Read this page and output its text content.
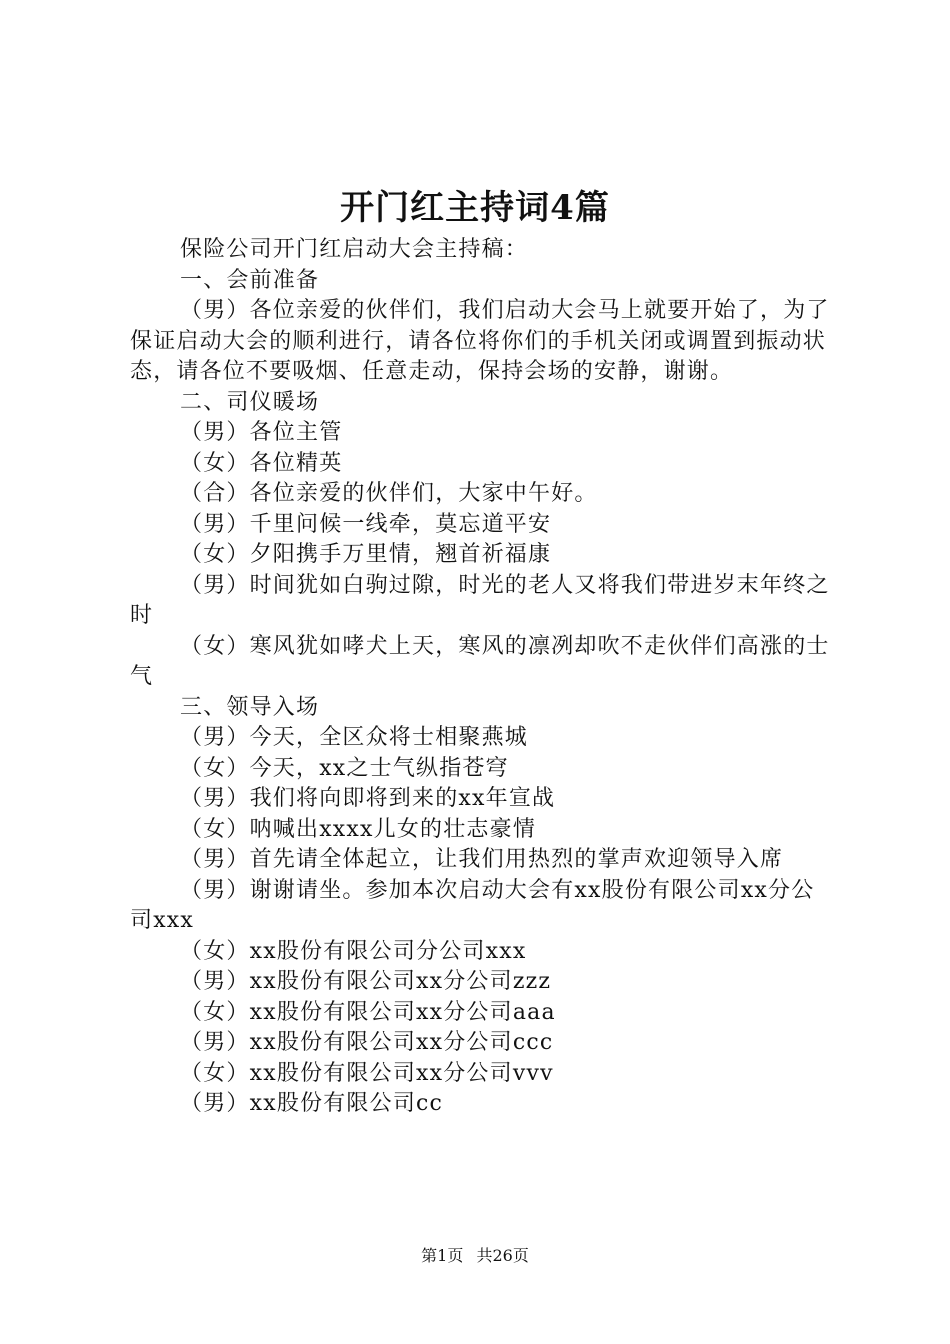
开门红主持词4篇

保险公司开门红启动大会主持稿：

一、会前准备

（男）各位亲爱的伙伴们，我们启动大会马上就要开始了，为了保证启动大会的顺利进行，请各位将你们的手机关闭或调置到振动状态，请各位不要吸烟、任意走动，保持会场的安静，谢谢。

二、司仪暖场

（男）各位主管

（女）各位精英

（合）各位亲爱的伙伴们，大家中午好。

（男）千里问候一线牵，莫忘道平安

（女）夕阳携手万里情，翘首祈福康

（男）时间犹如白驹过隙，时光的老人又将我们带进岁末年终之时

（女）寒风犹如哮犬上天，寒风的凛冽却吹不走伙伴们高涨的士气

三、领导入场

（男）今天，全区众将士相聚燕城

（女）今天，xx之士气纵指苍穹

（男）我们将向即将到来的xx年宣战

（女）呐喊出xxxx儿女的壮志豪情

（男）首先请全体起立，让我们用热烈的掌声欢迎领导入席

（男）谢谢请坐。参加本次启动大会有xx股份有限公司xx分公司xxx

（女）xx股份有限公司分公司xxx

（男）xx股份有限公司xx分公司zzz

（女）xx股份有限公司xx分公司aaa

（男）xx股份有限公司xx分公司ccc

（女）xx股份有限公司xx分公司vvv

（男）xx股份有限公司cc

第1页 共26页
